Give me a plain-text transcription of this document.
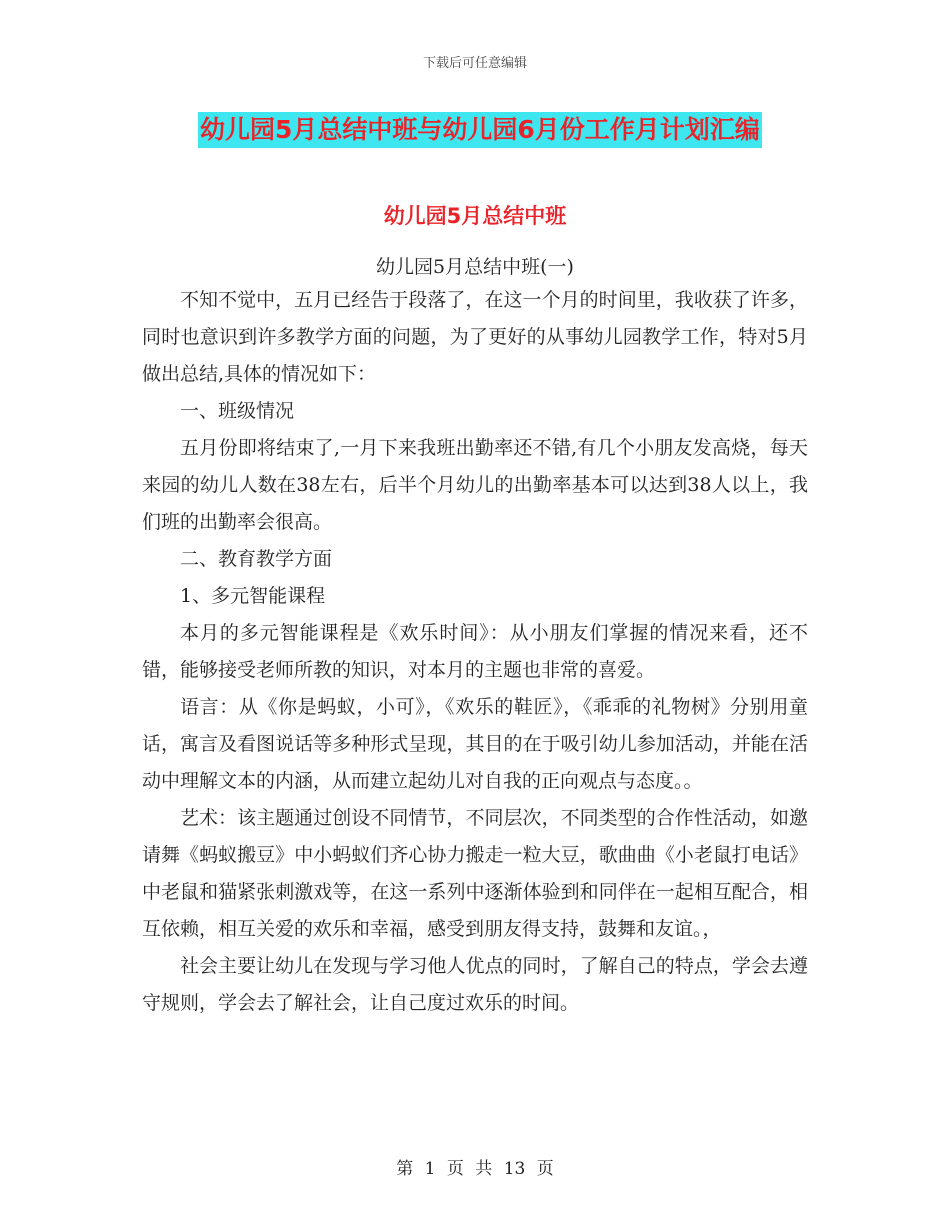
下载后可任意编辑
幼儿园5月总结中班与幼儿园6月份工作月计划汇编
幼儿园5月总结中班
幼儿园5月总结中班(一)

不知不觉中，五月已经告于段落了，在这一个月的时间里，我收获了许多，同时也意识到许多教学方面的问题，为了更好的从事幼儿园教学工作，特对5月做出总结,具体的情况如下：

一、班级情况

五月份即将结束了,一月下来我班出勤率还不错,有几个小朋友发高烧，每天来园的幼儿人数在38左右，后半个月幼儿的出勤率基本可以达到38人以上，我们班的出勤率会很高。

二、教育教学方面

1、多元智能课程

本月的多元智能课程是《欢乐时间》：从小朋友们掌握的情况来看，还不错，能够接受老师所教的知识，对本月的主题也非常的喜爱。

语言：从《你是蚂蚁，小可》，《欢乐的鞋匠》，《乖乖的礼物树》分别用童话，寓言及看图说话等多种形式呈现，其目的在于吸引幼儿参加活动，并能在活动中理解文本的内涵，从而建立起幼儿对自我的正向观点与态度。。

艺术：该主题通过创设不同情节，不同层次，不同类型的合作性活动，如邀请舞《蚂蚁搬豆》中小蚂蚁们齐心协力搬走一粒大豆，歌曲曲《小老鼠打电话》中老鼠和猫紧张刺激戏等，在这一系列中逐渐体验到和同伴在一起相互配合，相互依赖，相互关爱的欢乐和幸福，感受到朋友得支持，鼓舞和友谊。，

社会主要让幼儿在发现与学习他人优点的同时，了解自己的特点，学会去遵守规则，学会去了解社会，让自己度过欢乐的时间。

第 1 页 共 13 页
